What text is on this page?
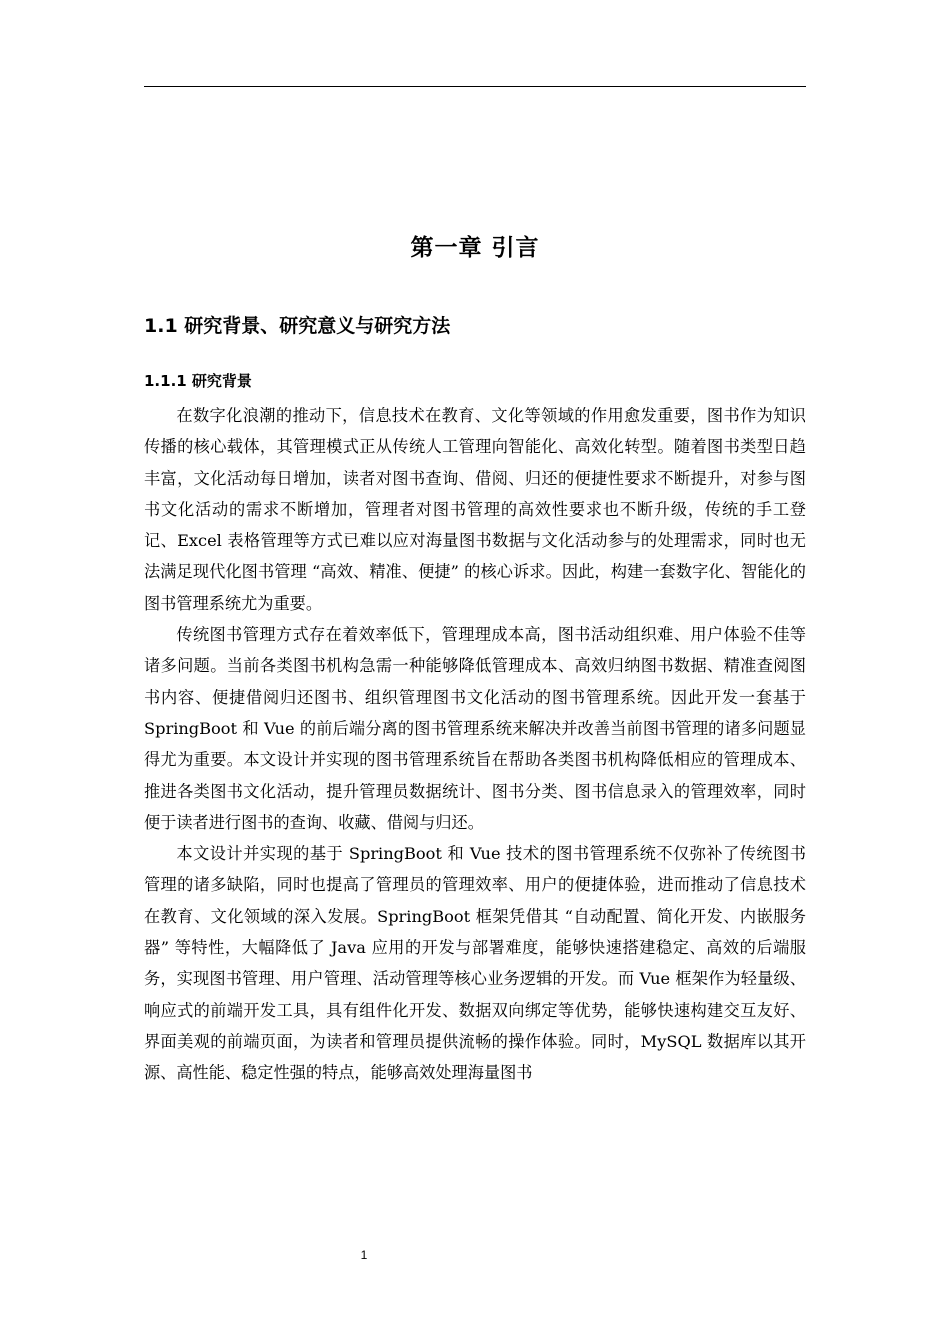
第一章 引言
1.1 研究背景、研究意义与研究方法
1.1.1 研究背景

在数字化浪潮的推动下，信息技术在教育、文化等领域的作用愈发重要，图书作为知识传播的核心载体，其管理模式正从传统人工管理向智能化、高效化转型。随着图书类型日趋丰富，文化活动每日增加，读者对图书查询、借阅、归还的便捷性要求不断提升，对参与图书文化活动的需求不断增加，管理者对图书管理的高效性要求也不断升级，传统的手工登记、Excel 表格管理等方式已难以应对海量图书数据与文化活动参与的处理需求，同时也无法满足现代化图书管理 “高效、精准、便捷” 的核心诉求。因此，构建一套数字化、智能化的图书管理系统尤为重要。

传统图书管理方式存在着效率低下，管理理成本高，图书活动组织难、用户体验不佳等诸多问题。当前各类图书机构急需一种能够降低管理成本、高效归纳图书数据、精准查阅图书内容、便捷借阅归还图书、组织管理图书文化活动的图书管理系统。因此开发一套基于 SpringBoot 和 Vue 的前后端分离的图书管理系统来解决并改善当前图书管理的诸多问题显得尤为重要。本文设计并实现的图书管理系统旨在帮助各类图书机构降低相应的管理成本、推进各类图书文化活动，提升管理员数据统计、图书分类、图书信息录入的管理效率，同时便于读者进行图书的查询、收藏、借阅与归还。

本文设计并实现的基于 SpringBoot 和 Vue 技术的图书管理系统不仅弥补了传统图书管理的诸多缺陷，同时也提高了管理员的管理效率、用户的便捷体验，进而推动了信息技术在教育、文化领域的深入发展。SpringBoot 框架凭借其 “自动配置、简化开发、内嵌服务器” 等特性，大幅降低了 Java 应用的开发与部署难度，能够快速搭建稳定、高效的后端服务，实现图书管理、用户管理、活动管理等核心业务逻辑的开发。而 Vue 框架作为轻量级、响应式的前端开发工具，具有组件化开发、数据双向绑定等优势，能够快速构建交互友好、界面美观的前端页面，为读者和管理员提供流畅的操作体验。同时，MySQL 数据库以其开源、高性能、稳定性强的特点，能够高效处理海量图书

1
